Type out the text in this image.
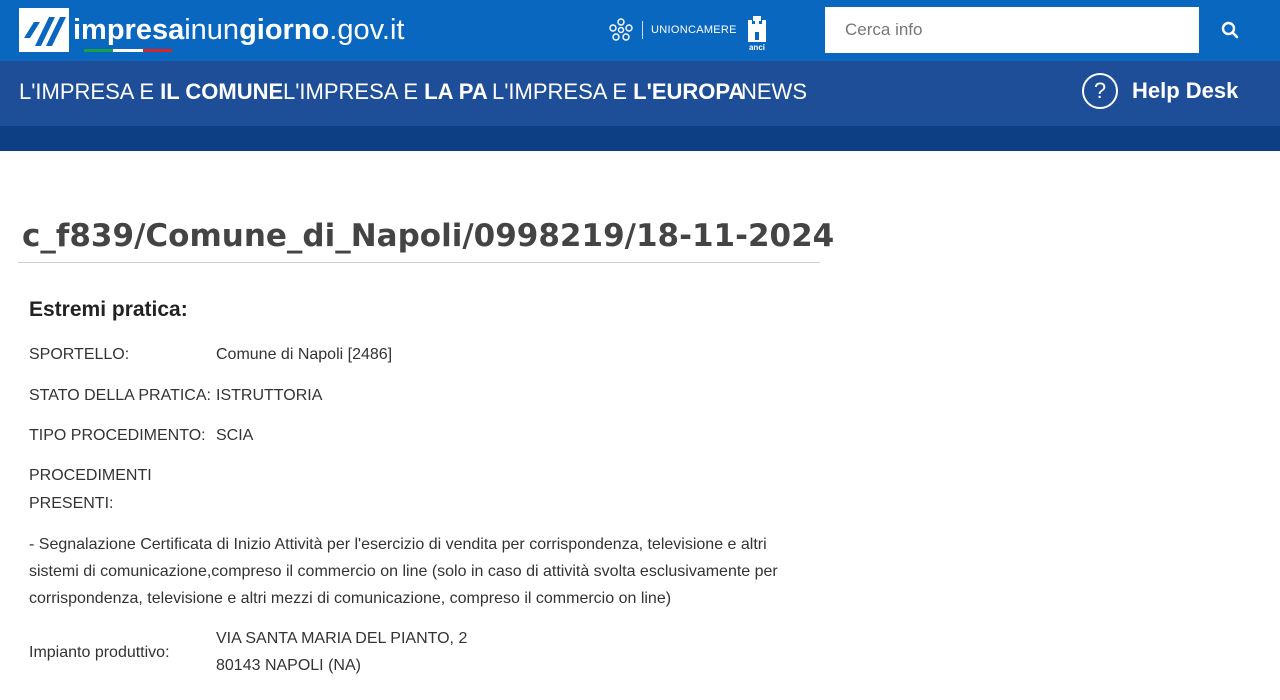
impresainungiorno.gov.it	UNIONCAMERE
anci
Cerca info
L'IMPRESA E IL COMUNE L'IMPRESA E LA PA L'IMPRESA E L'EUROPA
NEWS	?	Help Desk
c_f839/Comune_di_Napoli/0998219/18-11-2024
Estremi pratica:
SPORTELLO:	Comune di Napoli [2486]
STATO DELLA PRATICA: ISTRUTTORIA
TIPO PROCEDIMENTO: SCIA
PROCEDIMENTI
PRESENTI:
- Segnalazione Certificata di Inizio Attività per l'esercizio di vendita per corrispondenza, televisione e altri sistemi di comunicazione,compreso il commercio on line (solo in caso di attività svolta esclusivamente per corrispondenza, televisione e altri mezzi di comunicazione, compreso il commercio on line)
Impianto produttivo:
VIA SANTA MARIA DEL PIANTO, 2
80143 NAPOLI (NA)
